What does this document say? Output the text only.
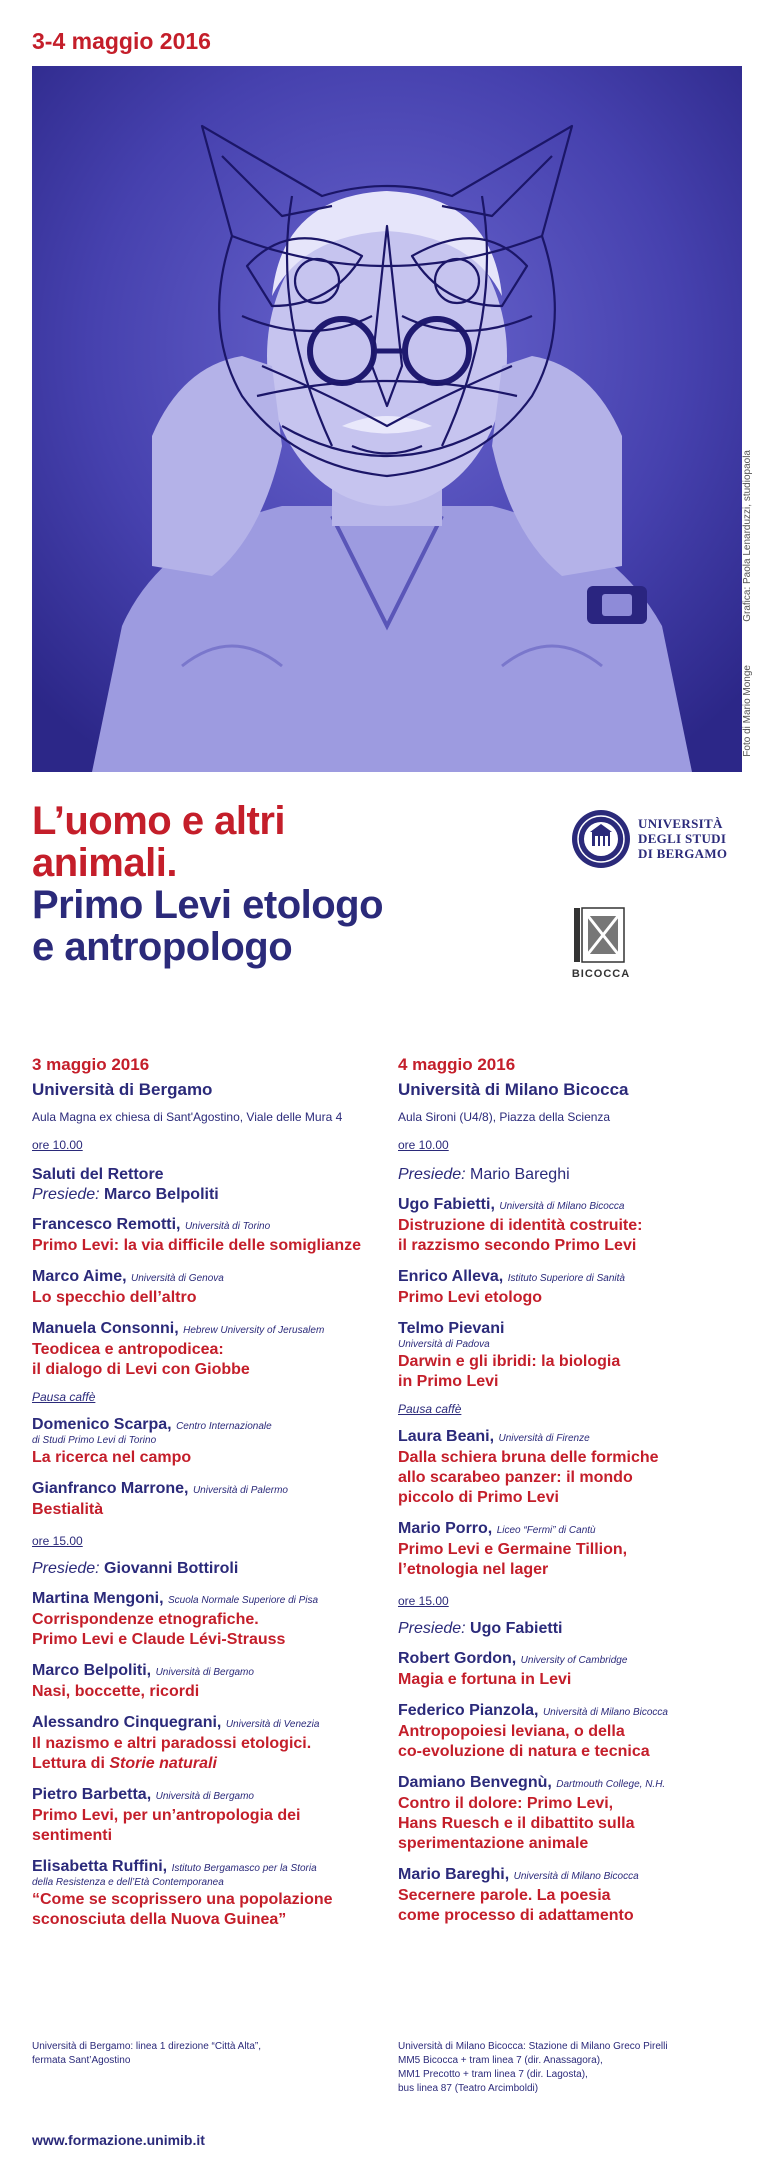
3-4 maggio 2016

Grafica: Paola Lenarduzzi, studiopaola
Foto di Mario Monge
L’uomo e altri
animali.
Primo Levi etologo
e antropologo
UNIVERSITÀ
DEGLI STUDI
DI BERGAMO
BICOCCA

3 maggio 2016

Università di Bergamo

Aula Magna ex chiesa di Sant'Agostino, Viale delle Mura 4

ore 10.00

Saluti del Rettore

Presiede: Marco Belpoliti

Francesco Remotti, Università di Torino
Primo Levi: la via difficile delle somiglianze
Marco Aime, Università di Genova
Lo specchio dell’altro
Manuela Consonni, Hebrew University of Jerusalem
Teodicea e antropodicea:
il dialogo di Levi con Giobbe

Pausa caffè

Domenico Scarpa, Centro Internazionale
di Studi Primo Levi di Torino
La ricerca nel campo
Gianfranco Marrone, Università di Palermo
Bestialità

ore 15.00

Presiede: Giovanni Bottiroli

Martina Mengoni, Scuola Normale Superiore di Pisa
Corrispondenze etnografiche.
Primo Levi e Claude Lévi-Strauss
Marco Belpoliti, Università di Bergamo
Nasi, boccette, ricordi
Alessandro Cinquegrani, Università di Venezia
Il nazismo e altri paradossi etologici.
Lettura di Storie naturali
Pietro Barbetta, Università di Bergamo
Primo Levi, per un’antropologia dei
sentimenti
Elisabetta Ruffini, Istituto Bergamasco per la Storia
della Resistenza e dell’Età Contemporanea
“Come se scoprissero una popolazione
sconosciuta della Nuova Guinea”

4 maggio 2016

Università di Milano Bicocca

Aula Sironi (U4/8), Piazza della Scienza

ore 10.00

Presiede: Mario Bareghi

Ugo Fabietti, Università di Milano Bicocca
Distruzione di identità costruite:
il razzismo secondo Primo Levi
Enrico Alleva, Istituto Superiore di Sanità
Primo Levi etologo
Telmo Pievani
Università di Padova
Darwin e gli ibridi: la biologia
in Primo Levi

Pausa caffè

Laura Beani, Università di Firenze
Dalla schiera bruna delle formiche
allo scarabeo panzer: il mondo
piccolo di Primo Levi
Mario Porro, Liceo “Fermi” di Cantù
Primo Levi e Germaine Tillion,
l’etnologia nel lager

ore 15.00

Presiede: Ugo Fabietti

Robert Gordon, University of Cambridge
Magia e fortuna in Levi
Federico Pianzola, Università di Milano Bicocca
Antropopoiesi leviana, o della
co-evoluzione di natura e tecnica
Damiano Benvegnù, Dartmouth College, N.H.
Contro il dolore: Primo Levi,
Hans Ruesch e il dibattito sulla
sperimentazione animale
Mario Bareghi, Università di Milano Bicocca
Secernere parole. La poesia
come processo di adattamento
Università di Bergamo: linea 1 direzione “Città Alta”,
fermata Sant’Agostino
Università di Milano Bicocca: Stazione di Milano Greco Pirelli
MM5 Bicocca + tram linea 7 (dir. Anassagora),
MM1 Precotto + tram linea 7 (dir. Lagosta),
bus linea 87 (Teatro Arcimboldi)

www.formazione.unimib.it
